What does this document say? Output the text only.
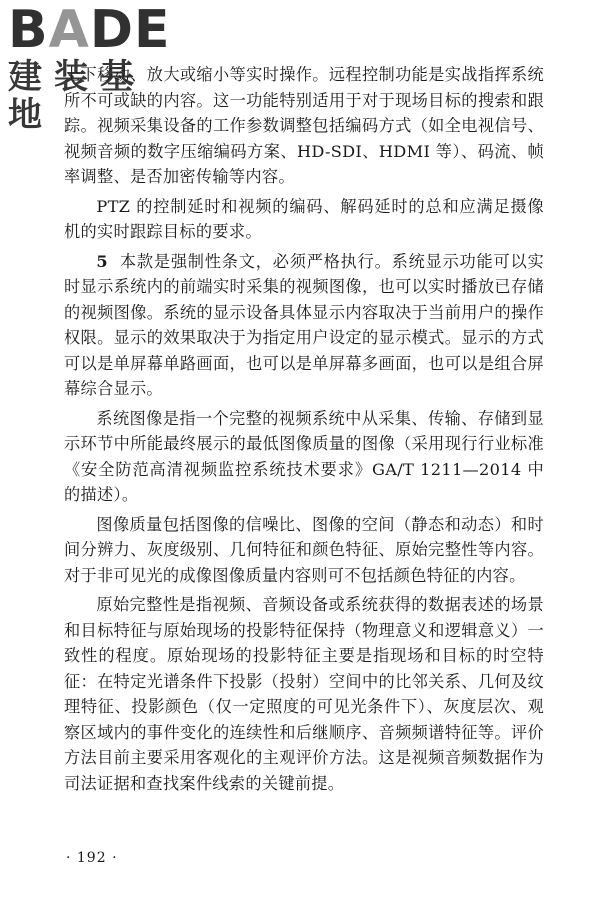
BADE
建装基地

上下移动、放大或缩小等实时操作。远程控制功能是实战指挥系统所不可或缺的内容。这一功能特别适用于对于现场目标的搜索和跟踪。视频采集设备的工作参数调整包括编码方式（如全电视信号、视频音频的数字压缩编码方案、HD-SDI、HDMI 等）、码流、帧率调整、是否加密传输等内容。

PTZ 的控制延时和视频的编码、解码延时的总和应满足摄像机的实时跟踪目标的要求。

5 本款是强制性条文，必须严格执行。系统显示功能可以实时显示系统内的前端实时采集的视频图像，也可以实时播放已存储的视频图像。系统的显示设备具体显示内容取决于当前用户的操作权限。显示的效果取决于为指定用户设定的显示模式。显示的方式可以是单屏幕单路画面，也可以是单屏幕多画面，也可以是组合屏幕综合显示。

系统图像是指一个完整的视频系统中从采集、传输、存储到显示环节中所能最终展示的最低图像质量的图像（采用现行行业标准《安全防范高清视频监控系统技术要求》GA/T 1211—2014 中的描述）。

图像质量包括图像的信噪比、图像的空间（静态和动态）和时间分辨力、灰度级别、几何特征和颜色特征、原始完整性等内容。对于非可见光的成像图像质量内容则可不包括颜色特征的内容。

原始完整性是指视频、音频设备或系统获得的数据表述的场景和目标特征与原始现场的投影特征保持（物理意义和逻辑意义）一致性的程度。原始现场的投影特征主要是指现场和目标的时空特征：在特定光谱条件下投影（投射）空间中的比邻关系、几何及纹理特征、投影颜色（仅一定照度的可见光条件下）、灰度层次、观察区域内的事件变化的连续性和后继顺序、音频频谱特征等。评价方法目前主要采用客观化的主观评价方法。这是视频音频数据作为司法证据和查找案件线索的关键前提。

· 192 ·
